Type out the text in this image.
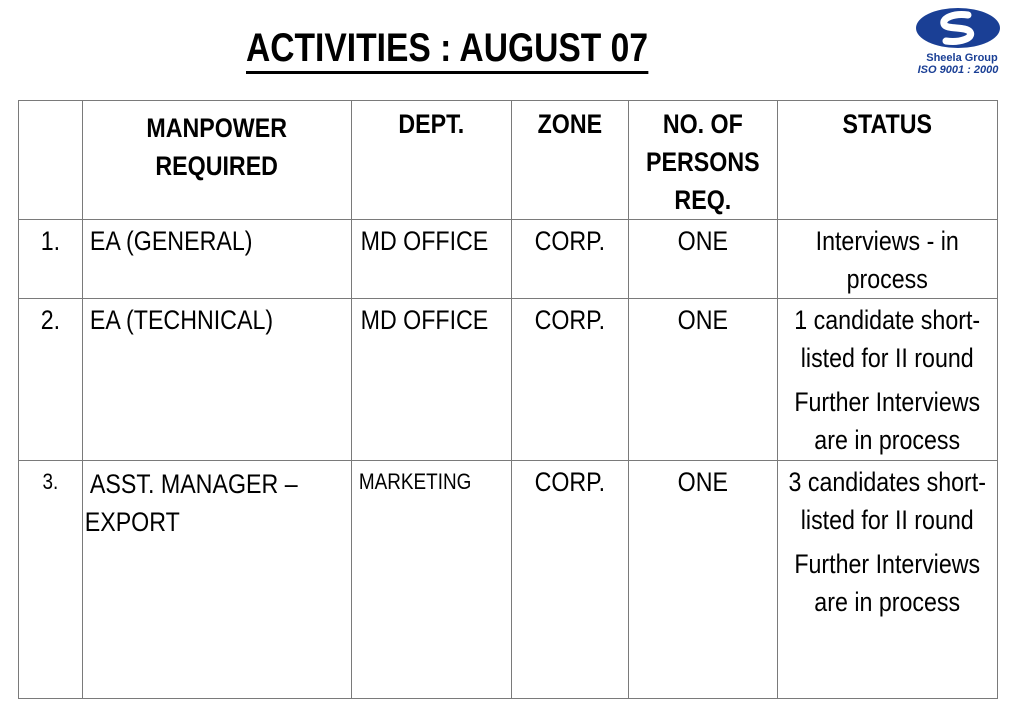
ACTIVITIES : AUGUST 07	Sheela Group
ISO 9001 : 2000

	MANPOWER REQUIRED	DEPT.	ZONE	NO. OF PERSONS REQ.	STATUS

1.	EA (GENERAL)	MD OFFICE	CORP.	ONE	Interviews - in process

2.	EA (TECHNICAL)	MD OFFICE	CORP.	ONE	1 candidate short-listed for II round
Further Interviews are in process

3.	ASST. MANAGER – EXPORT	MARKETING	CORP.	ONE	3 candidates short-listed for II round
Further Interviews are in process
